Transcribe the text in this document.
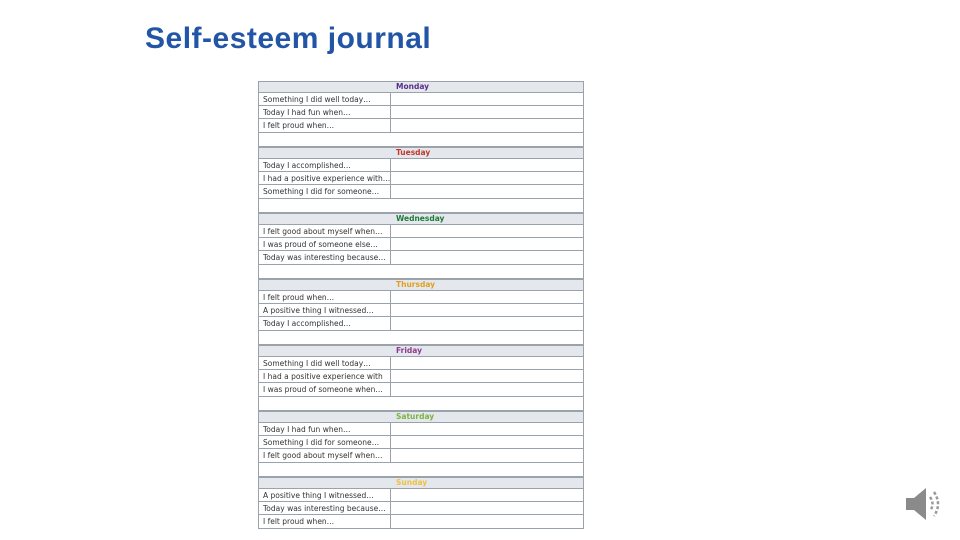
Self-esteem journal
Monday
Something I did well today…
Today I had fun when…
I felt proud when…
Tuesday
Today I accomplished…
I had a positive experience with…
Something I did for someone…
Wednesday
I felt good about myself when…
I was proud of someone else…
Today was interesting because…
Thursday
I felt proud when…
A positive thing I witnessed…
Today I accomplished…
Friday
Something I did well today…
I had a positive experience with
I was proud of someone when…
Saturday
Today I had fun when…
Something I did for someone…
I felt good about myself when…
Sunday
A positive thing I witnessed…
Today was interesting because…
I felt proud when…
